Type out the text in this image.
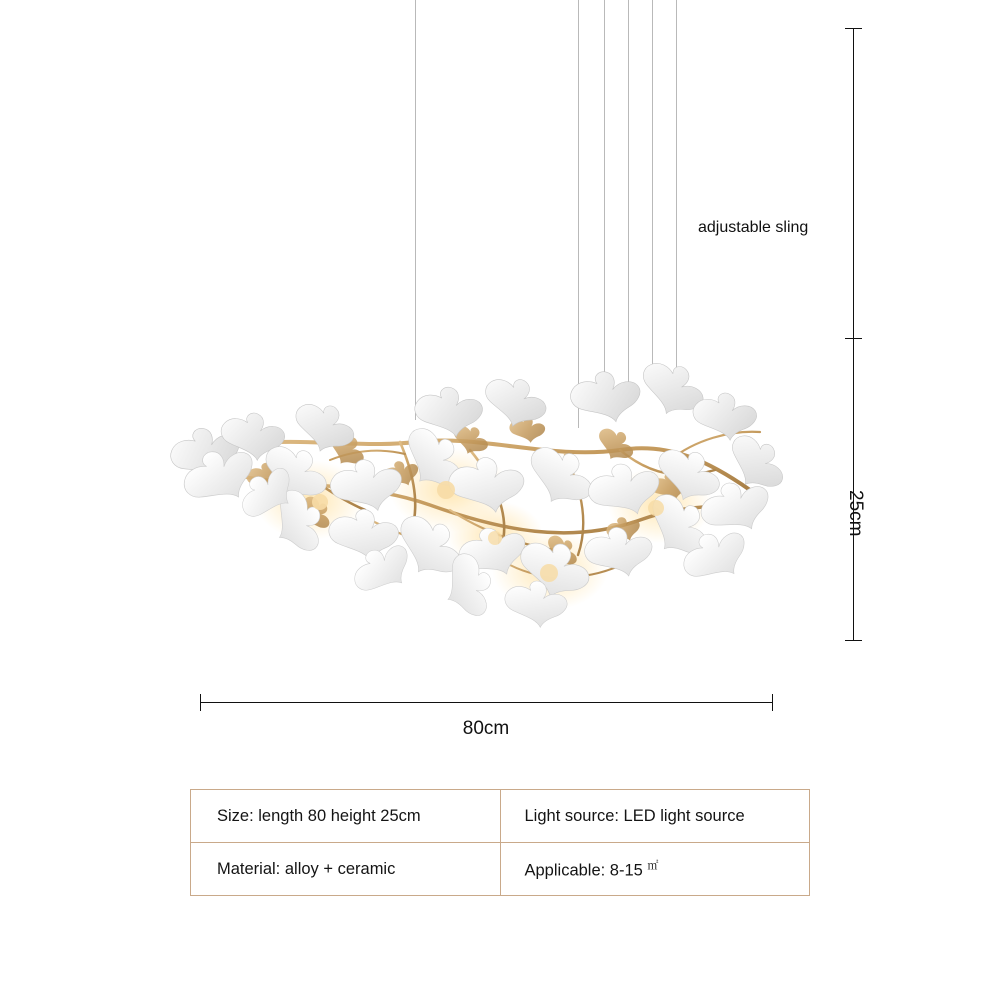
adjustable sling
25cm
80cm
Size: length 80 height 25cm	Light source: LED light source
Material: alloy + ceramic	Applicable: 8-15 ㎡
